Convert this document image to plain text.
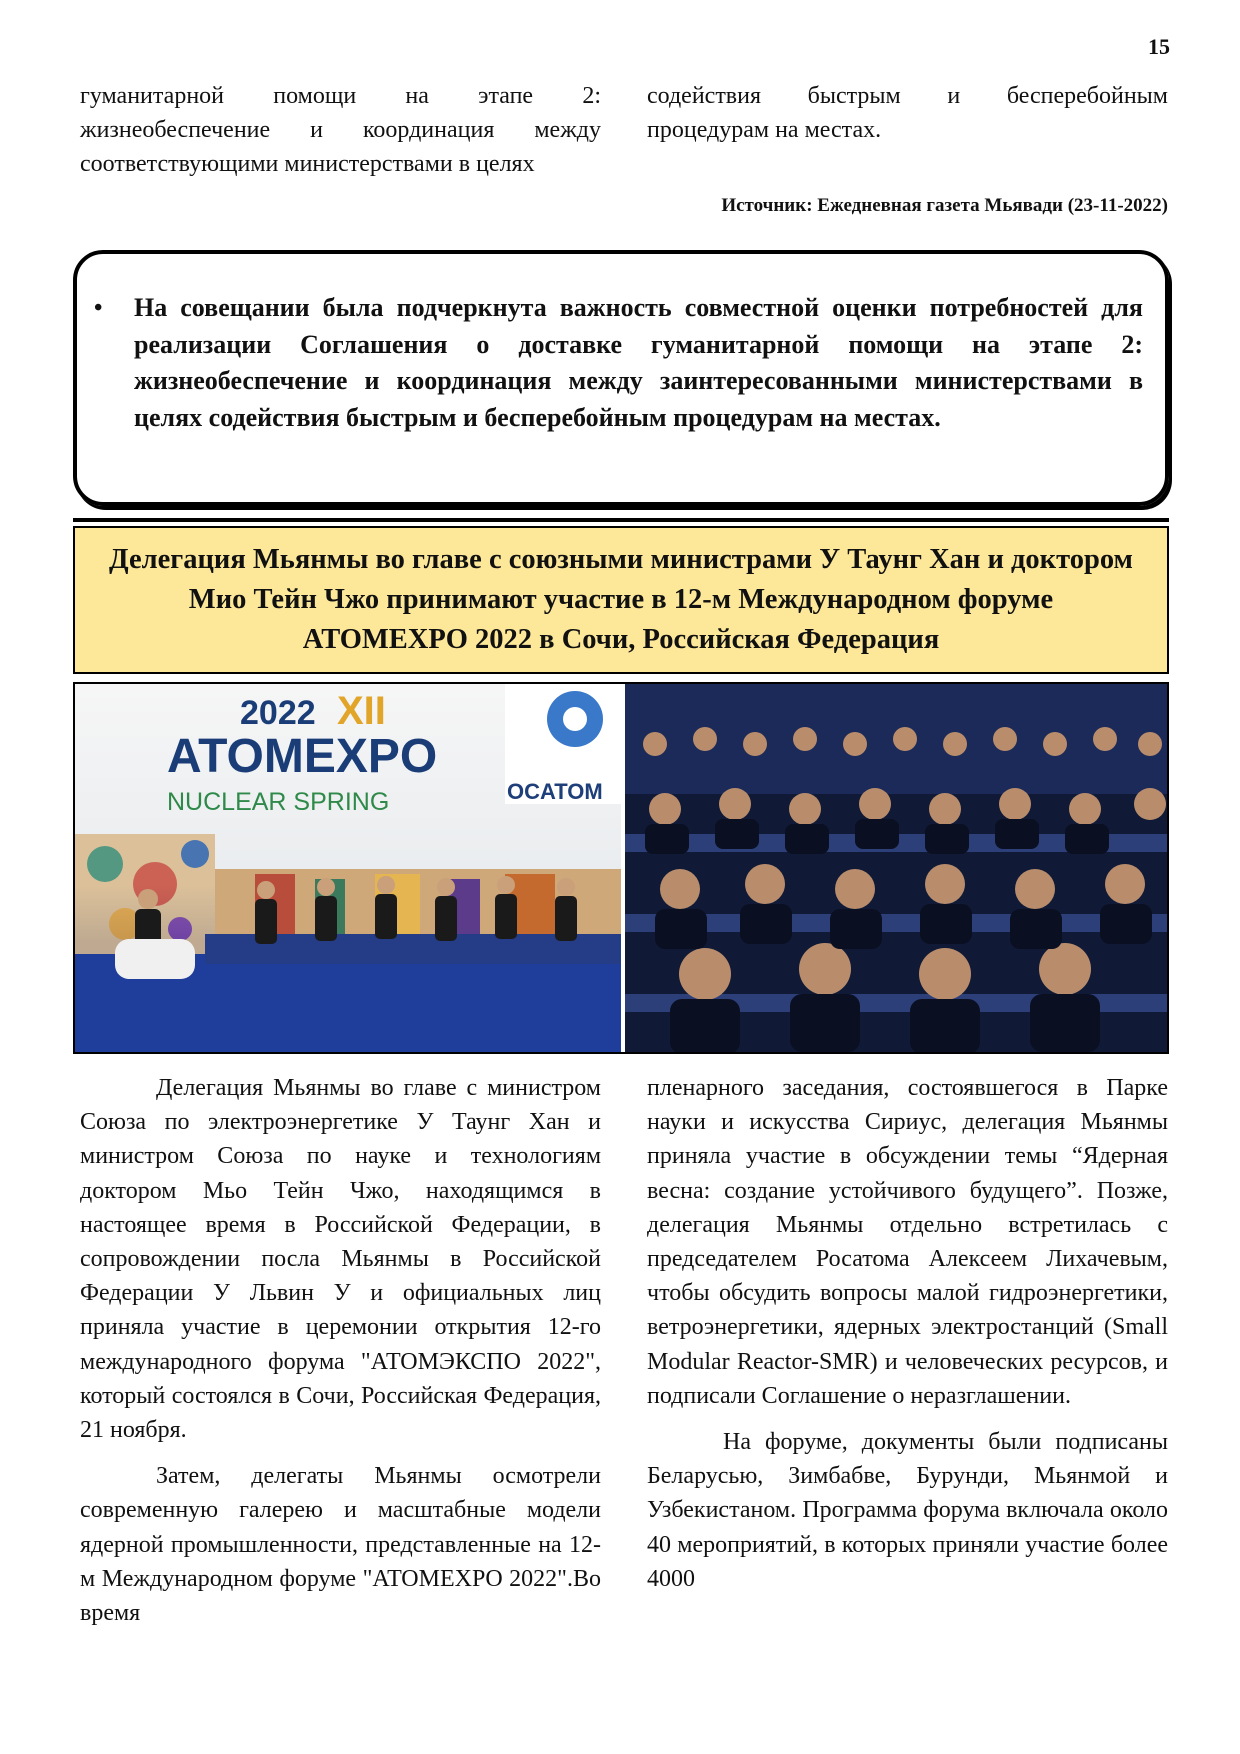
15

гуманитарной помощи на этапе 2: жизнеобеспечение и координация между соответствующими министерствами в целях

содействия быстрым и бесперебойным процедурам на местах.

Источник: Ежедневная газета Мьявади (23-11-2022)
• На совещании была подчеркнута важность совместной оценки потребностей для реализации Соглашения о доставке гуманитарной помощи на этапе 2: жизнеобеспечение и координация между заинтересованными министерствами в целях содействия быстрым и бесперебойным процедурам на местах.
Делегация Мьянмы во главе с союзными министрами У Таунг Хан и доктором Мио Тейн Чжо принимают участие в 12-м Международном форуме ATOMEXPO 2022 в Сочи, Российская Федерация
OCATOM
2022 XII
ATOMEXPO
NUCLEAR SPRING

Делегация Мьянмы во главе с министром Союза по электроэнергетике У Таунг Хан и министром Союза по науке и технологиям доктором Мьо Тейн Чжо, находящимся в настоящее время в Российской Федерации, в сопровождении посла Мьянмы в Российской Федерации У Львин У и официальных лиц приняла участие в церемонии открытия 12-го международного форума "АТОМЭКСПО 2022", который состоялся в Сочи, Российская Федерация, 21 ноября.

Затем, делегаты Мьянмы осмотрели современную галерею и масштабные модели ядерной промышленности, представленные на 12-м Международном форуме "ATOMEXPO 2022".Во время

пленарного заседания, состоявшегося в Парке науки и искусства Сириус, делегация Мьянмы приняла участие в обсуждении темы “Ядерная весна: создание устойчивого будущего”. Позже, делегация Мьянмы отдельно встретилась с председателем Росатома Алексеем Лихачевым, чтобы обсудить вопросы малой гидроэнергетики, ветроэнергетики, ядерных электростанций (Small Modular Reactor-SMR) и человеческих ресурсов, и подписали Соглашение о неразглашении.

На форуме, документы были подписаны Беларусью, Зимбабве, Бурунди, Мьянмой и Узбекистаном. Программа форума включала около 40 мероприятий, в которых приняли участие более 4000
